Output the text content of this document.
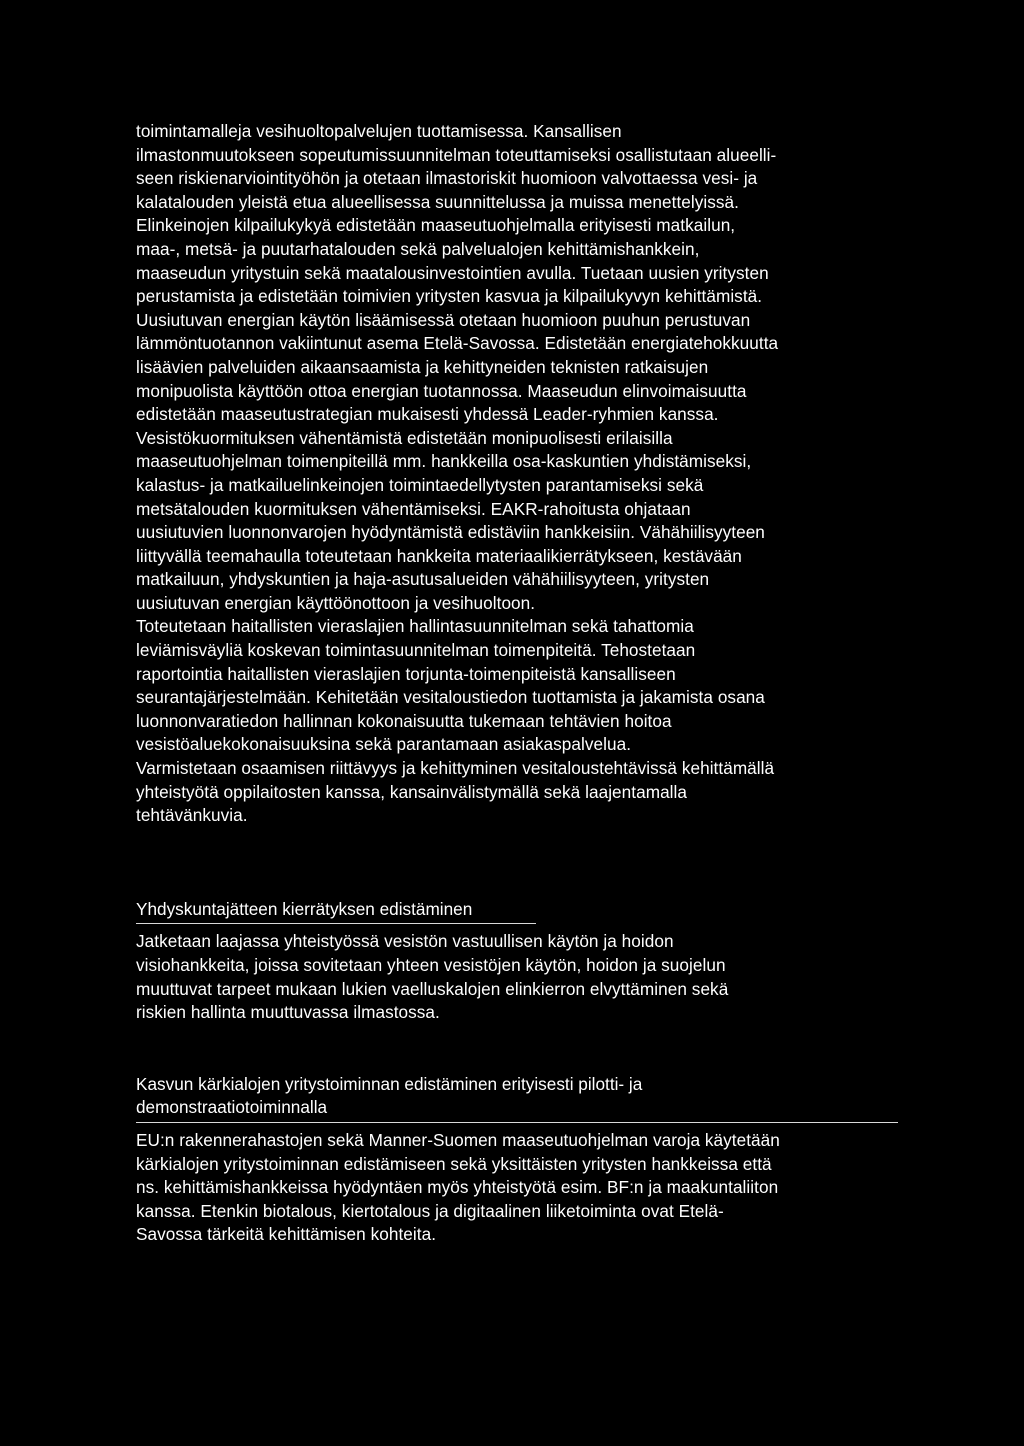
toimintamalleja vesihuoltopalvelujen tuottamisessa. Kansallisen
ilmastonmuutokseen sopeutumissuunnitelman toteuttamiseksi osallistutaan alueelli-
seen riskienarviointityöhön ja otetaan ilmastoriskit huomioon valvottaessa vesi- ja
kalatalouden yleistä etua alueellisessa suunnittelussa ja muissa menettelyissä.
Elinkeinojen kilpailukykyä edistetään maaseutuohjelmalla erityisesti matkailun,
maa-, metsä- ja puutarhatalouden sekä palvelualojen kehittämishankkein,
maaseudun yritystuin sekä maatalousinvestointien avulla. Tuetaan uusien yritysten
perustamista ja edistetään toimivien yritysten kasvua ja kilpailukyvyn kehittämistä.
Uusiutuvan energian käytön lisäämisessä otetaan huomioon puuhun perustuvan
lämmöntuotannon vakiintunut asema Etelä-Savossa. Edistetään energiatehokkuutta
lisäävien palveluiden aikaansaamista ja kehittyneiden teknisten ratkaisujen
monipuolista käyttöön ottoa energian tuotannossa. Maaseudun elinvoimaisuutta
edistetään maaseutustrategian mukaisesti yhdessä Leader-ryhmien kanssa.
Vesistökuormituksen vähentämistä edistetään monipuolisesti erilaisilla
maaseutuohjelman toimenpiteillä mm. hankkeilla osa-kaskuntien yhdistämiseksi,
kalastus- ja matkailuelinkeinojen toimintaedellytysten parantamiseksi sekä
metsätalouden kuormituksen vähentämiseksi. EAKR-rahoitusta ohjataan
uusiutuvien luonnonvarojen hyödyntämistä edistäviin hankkeisiin. Vähähiilisyyteen
liittyvällä teemahaulla toteutetaan hankkeita materiaalikierrätykseen, kestävään
matkailuun, yhdyskuntien ja haja-asutusalueiden vähähiilisyyteen, yritysten
uusiutuvan energian käyttöönottoon ja vesihuoltoon.
Toteutetaan haitallisten vieraslajien hallintasuunnitelman sekä tahattomia
leviämisväyliä koskevan toimintasuunnitelman toimenpiteitä. Tehostetaan
raportointia haitallisten vieraslajien torjunta-toimenpiteistä kansalliseen
seurantajärjestelmään. Kehitetään vesitaloustiedon tuottamista ja jakamista osana
luonnonvaratiedon hallinnan kokonaisuutta tukemaan tehtävien hoitoa
vesistöaluekokonaisuuksina sekä parantamaan asiakaspalvelua.
Varmistetaan osaamisen riittävyys ja kehittyminen vesitaloustehtävissä kehittämällä
yhteistyötä oppilaitosten kanssa, kansainvälistymällä sekä laajentamalla
tehtävänkuvia.
Yhdyskuntajätteen kierrätyksen edistäminen
Jatketaan laajassa yhteistyössä vesistön vastuullisen käytön ja hoidon
visiohankkeita, joissa sovitetaan yhteen vesistöjen käytön, hoidon ja suojelun
muuttuvat tarpeet mukaan lukien vaelluskalojen elinkierron elvyttäminen sekä
riskien hallinta muuttuvassa ilmastossa.
Kasvun kärkialojen yritystoiminnan edistäminen erityisesti pilotti- ja
demonstraatiotoiminnalla
EU:n rakennerahastojen sekä Manner-Suomen maaseutuohjelman varoja käytetään
kärkialojen yritystoiminnan edistämiseen sekä yksittäisten yritysten hankkeissa että
ns. kehittämishankkeissa hyödyntäen myös yhteistyötä esim. BF:n ja maakuntaliiton
kanssa. Etenkin biotalous, kiertotalous ja digitaalinen liiketoiminta ovat Etelä-
Savossa tärkeitä kehittämisen kohteita.
